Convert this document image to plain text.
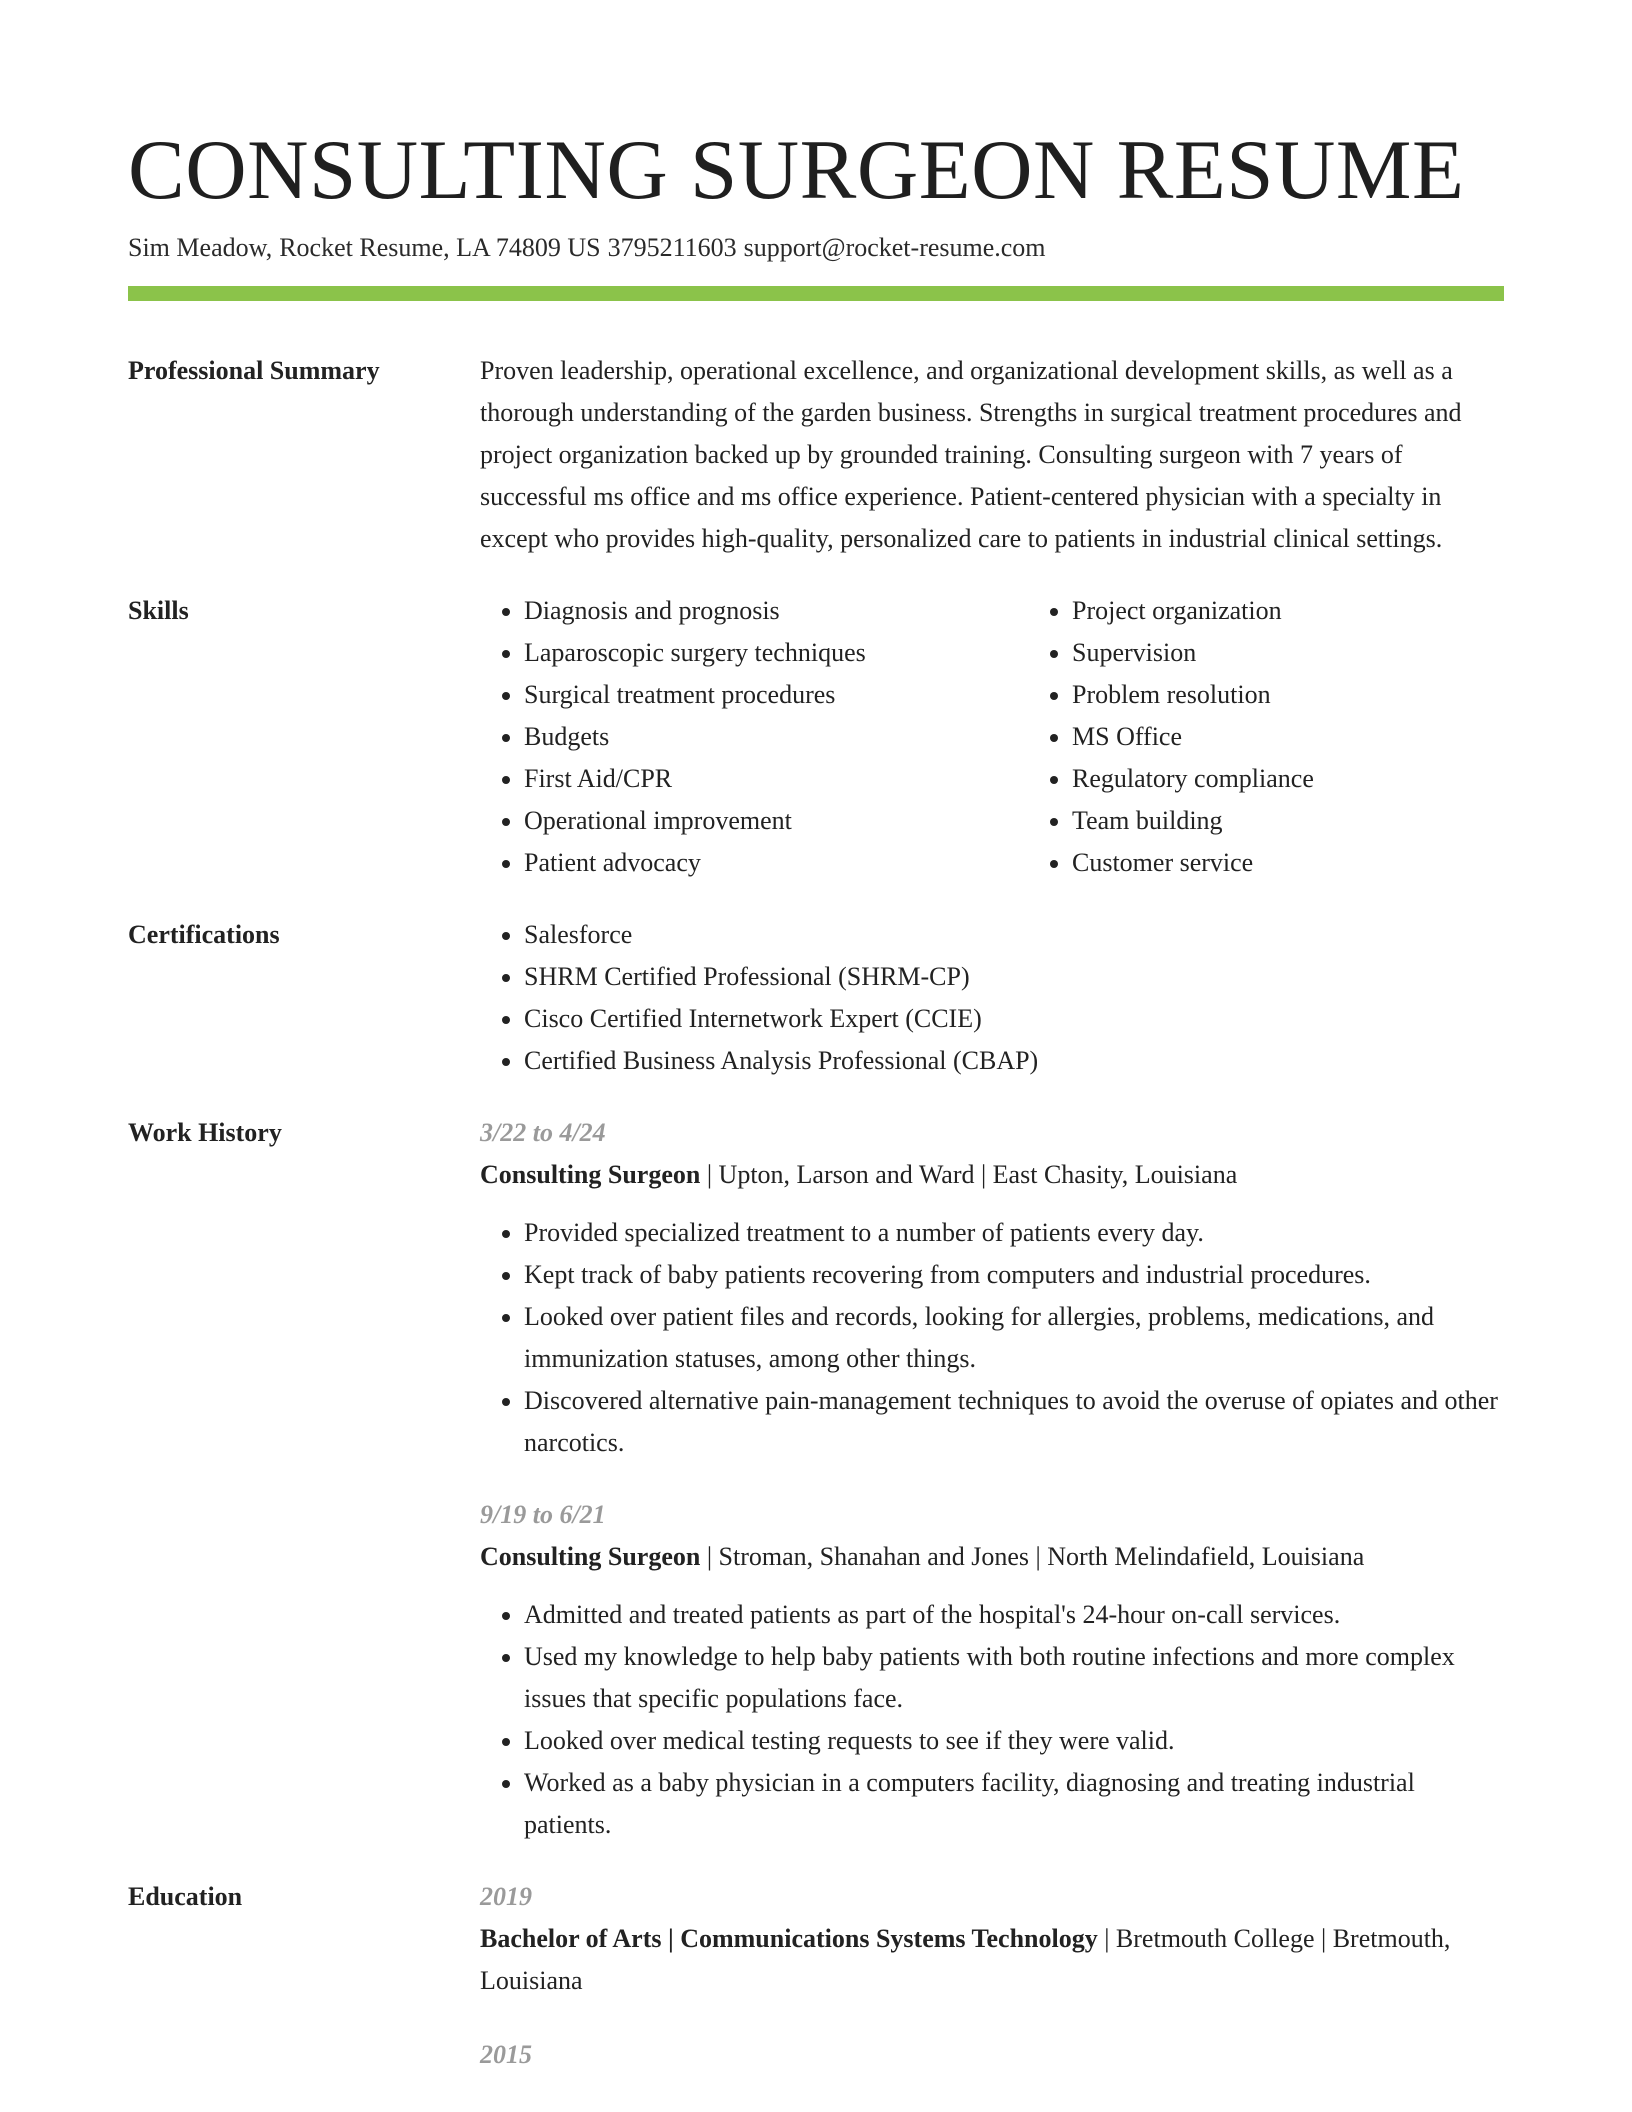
CONSULTING SURGEON RESUME
Sim Meadow, Rocket Resume, LA 74809 US 3795211603 support@rocket-resume.com
Professional Summary	Proven leadership, operational excellence, and organizational development skills, as well as a thorough understanding of the garden business. Strengths in surgical treatment procedures and project organization backed up by grounded training. Consulting surgeon with 7 years of successful ms office and ms office experience. Patient-centered physician with a specialty in except who provides high-quality, personalized care to patients in industrial clinical settings.

Skills	• Diagnosis and prognosis
• Laparoscopic surgery techniques
• Surgical treatment procedures
• Budgets
• First Aid/CPR
• Operational improvement
• Patient advocacy
• Project organization
• Supervision
• Problem resolution
• MS Office
• Regulatory compliance
• Team building
• Customer service
Certifications	• Salesforce
• SHRM Certified Professional (SHRM-CP)
• Cisco Certified Internetwork Expert (CCIE)
• Certified Business Analysis Professional (CBAP)
Work History	3/22 to 4/24
Consulting Surgeon | Upton, Larson and Ward | East Chasity, Louisiana
• Provided specialized treatment to a number of patients every day.
• Kept track of baby patients recovering from computers and industrial procedures.
• Looked over patient files and records, looking for allergies, problems, medications, and immunization statuses, among other things.
• Discovered alternative pain-management techniques to avoid the overuse of opiates and other narcotics.
9/19 to 6/21
Consulting Surgeon | Stroman, Shanahan and Jones | North Melindafield, Louisiana
• Admitted and treated patients as part of the hospital's 24-hour on-call services.
• Used my knowledge to help baby patients with both routine infections and more complex issues that specific populations face.
• Looked over medical testing requests to see if they were valid.
• Worked as a baby physician in a computers facility, diagnosing and treating industrial patients.
Education	2019
Bachelor of Arts | Communications Systems Technology | Bretmouth College | Bretmouth, Louisiana
2015
